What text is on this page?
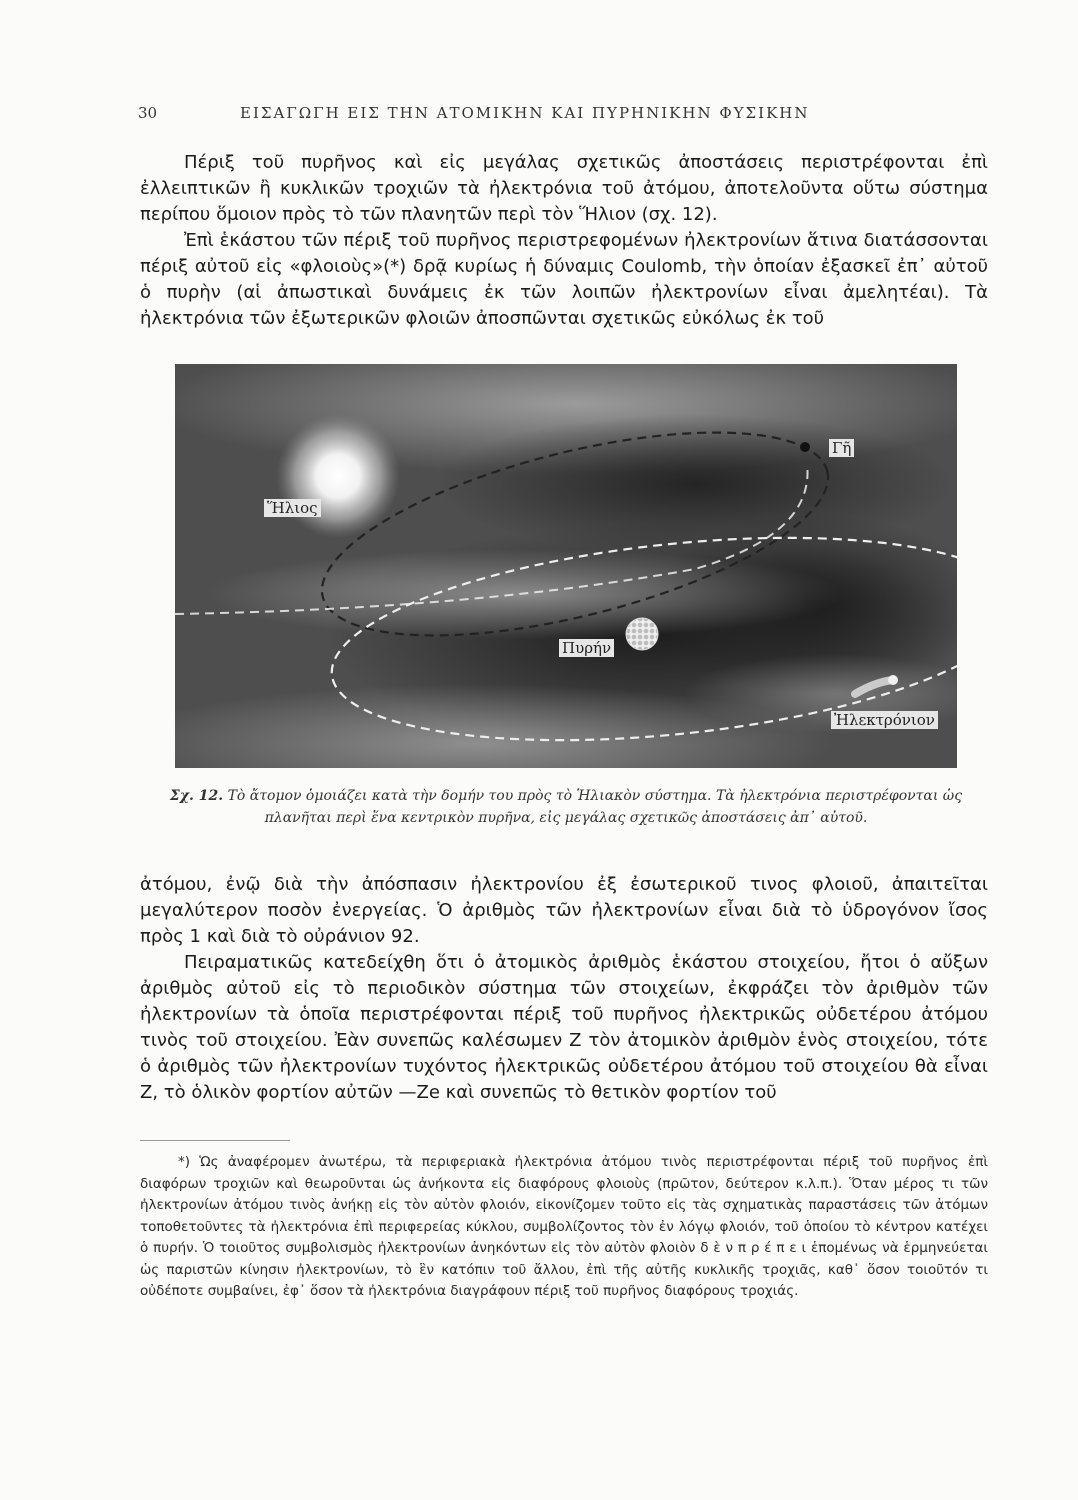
30	ΕΙΣΑΓΩΓΗ ΕΙΣ ΤΗΝ ΑΤΟΜΙΚΗΝ ΚΑΙ ΠΥΡΗΝΙΚΗΝ ΦΥΣΙΚΗΝ

Πέριξ τοῦ πυρῆνος καὶ εἰς μεγάλας σχετικῶς ἀποστάσεις περιστρέφονται ἐπὶ ἐλλειπτικῶν ἢ κυκλικῶν τροχιῶν τὰ ἠλεκτρόνια τοῦ ἀτόμου, ἀποτελοῦντα οὕτω σύστημα περίπου ὅμοιον πρὸς τὸ τῶν πλανητῶν περὶ τὸν Ἥλιον (σχ. 12).

Ἐπὶ ἑκάστου τῶν πέριξ τοῦ πυρῆνος περιστρεφομένων ἠλεκτρονίων ἅτινα διατάσσονται πέριξ αὐτοῦ εἰς «φλοιοὺς»(*) δρᾷ κυρίως ἡ δύναμις Coulomb, τὴν ὁποίαν ἐξασκεῖ ἐπ᾽ αὐτοῦ ὁ πυρὴν (αἱ ἀπωστικαὶ δυνάμεις ἐκ τῶν λοιπῶν ἠλεκτρονίων εἶναι ἀμελητέαι). Τὰ ἠλεκτρόνια τῶν ἐξωτερικῶν φλοιῶν ἀποσπῶνται σχετικῶς εὐκόλως ἐκ τοῦ

Ἥλιος
Γῆ
Πυρήν
Ἠλεκτρόνιον
Σχ. 12. Τὸ ἄτομον ὁμοιάζει κατὰ τὴν δομήν του πρὸς τὸ Ἡλιακὸν σύστημα. Τὰ ἠλεκτρόνια περιστρέφονται ὡς πλανῆται περὶ ἕνα κεντρικὸν πυρῆνα, εἰς μεγάλας σχετικῶς ἀποστάσεις ἀπ᾽ αὐτοῦ.

ἀτόμου, ἐνῷ διὰ τὴν ἀπόσπασιν ἠλεκτρονίου ἐξ ἐσωτερικοῦ τινος φλοιοῦ, ἀπαιτεῖται μεγαλύτερον ποσὸν ἐνεργείας. Ὁ ἀριθμὸς τῶν ἠλεκτρονίων εἶναι διὰ τὸ ὑδρογόνον ἴσος πρὸς 1 καὶ διὰ τὸ οὐράνιον 92.

Πειραματικῶς κατεδείχθη ὅτι ὁ ἀτομικὸς ἀριθμὸς ἑκάστου στοιχείου, ἤτοι ὁ αὔξων ἀριθμὸς αὐτοῦ εἰς τὸ περιοδικὸν σύστημα τῶν στοιχείων, ἐκφράζει τὸν ἀριθμὸν τῶν ἠλεκτρονίων τὰ ὁποῖα περιστρέφονται πέριξ τοῦ πυρῆνος ἠλεκτρικῶς οὐδετέρου ἀτόμου τινὸς τοῦ στοιχείου. Ἐὰν συνεπῶς καλέσωμεν Z τὸν ἀτομικὸν ἀριθμὸν ἑνὸς στοιχείου, τότε ὁ ἀριθμὸς τῶν ἠλεκτρονίων τυχόντος ἠλεκτρικῶς οὐδετέρου ἀτόμου τοῦ στοιχείου θὰ εἶναι Z, τὸ ὁλικὸν φορτίον αὐτῶν —Ze καὶ συνεπῶς τὸ θετικὸν φορτίον τοῦ

*) Ὡς ἀναφέρομεν ἀνωτέρω, τὰ περιφεριακὰ ἠλεκτρόνια ἀτόμου τινὸς περιστρέφονται πέριξ τοῦ πυρῆνος ἐπὶ διαφόρων τροχιῶν καὶ θεωροῦνται ὡς ἀνήκοντα εἰς διαφόρους φλοιοὺς (πρῶτον, δεύτερον κ.λ.π.). Ὅταν μέρος τι τῶν ἠλεκτρονίων ἀτόμου τινὸς ἀνήκῃ εἰς τὸν αὐτὸν φλοιόν, εἰκονίζομεν τοῦτο εἰς τὰς σχηματικὰς παραστάσεις τῶν ἀτόμων τοποθετοῦντες τὰ ἠλεκτρόνια ἐπὶ περιφερείας κύκλου, συμβολίζοντος τὸν ἐν λόγῳ φλοιόν, τοῦ ὁποίου τὸ κέντρον κατέχει ὁ πυρήν. Ὁ τοιοῦτος συμβολισμὸς ἠλεκτρονίων ἀνηκόντων εἰς τὸν αὐτὸν φλοιὸν δ ὲ ν π ρ έ π ε ι ἑπομένως νὰ ἑρμηνεύεται ὡς παριστῶν κίνησιν ἠλεκτρονίων, τὸ ἓν κατόπιν τοῦ ἄλλου, ἐπὶ τῆς αὐτῆς κυκλικῆς τροχιᾶς, καθ᾽ ὅσον τοιοῦτόν τι οὐδέποτε συμβαίνει, ἐφ᾽ ὅσον τὰ ἠλεκτρόνια διαγράφουν πέριξ τοῦ πυρῆνος διαφόρους τροχιάς.
